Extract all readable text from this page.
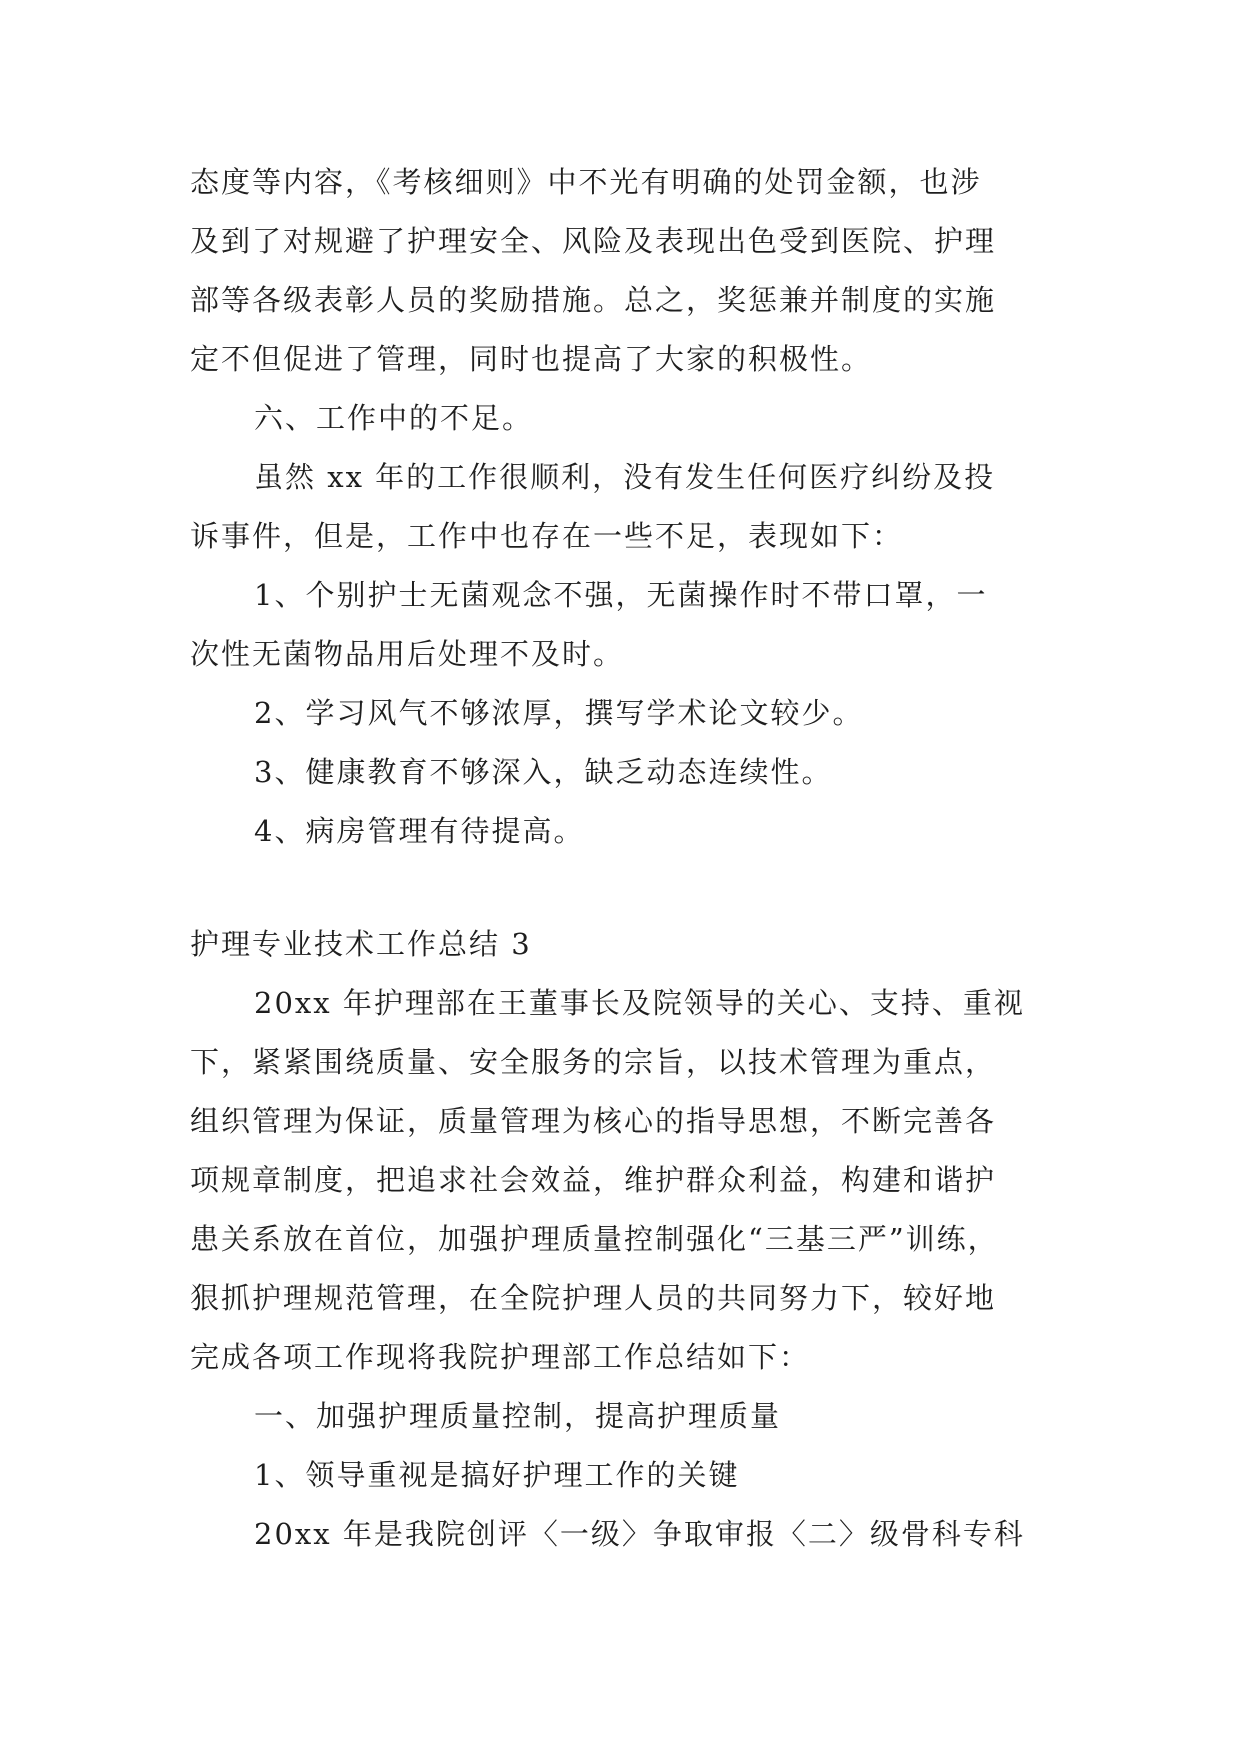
态度等内容，《考核细则》中不光有明确的处罚金额，也涉
及到了对规避了护理安全、风险及表现出色受到医院、护理
部等各级表彰人员的奖励措施。总之，奖惩兼并制度的实施
定不但促进了管理，同时也提高了大家的积极性。
六、工作中的不足。
虽然 xx 年的工作很顺利，没有发生任何医疗纠纷及投
诉事件，但是，工作中也存在一些不足，表现如下：
1、个别护士无菌观念不强，无菌操作时不带口罩，一
次性无菌物品用后处理不及时。
2、学习风气不够浓厚，撰写学术论文较少。
3、健康教育不够深入，缺乏动态连续性。
4、病房管理有待提高。
护理专业技术工作总结 3
20xx 年护理部在王董事长及院领导的关心、支持、重视
下，紧紧围绕质量、安全服务的宗旨，以技术管理为重点，
组织管理为保证，质量管理为核心的指导思想，不断完善各
项规章制度，把追求社会效益，维护群众利益，构建和谐护
患关系放在首位，加强护理质量控制强化“三基三严”训练，
狠抓护理规范管理，在全院护理人员的共同努力下，较好地
完成各项工作现将我院护理部工作总结如下：
一、加强护理质量控制，提高护理质量
1、领导重视是搞好护理工作的关键
20xx 年是我院创评〈一级〉争取审报〈二〉级骨科专科
